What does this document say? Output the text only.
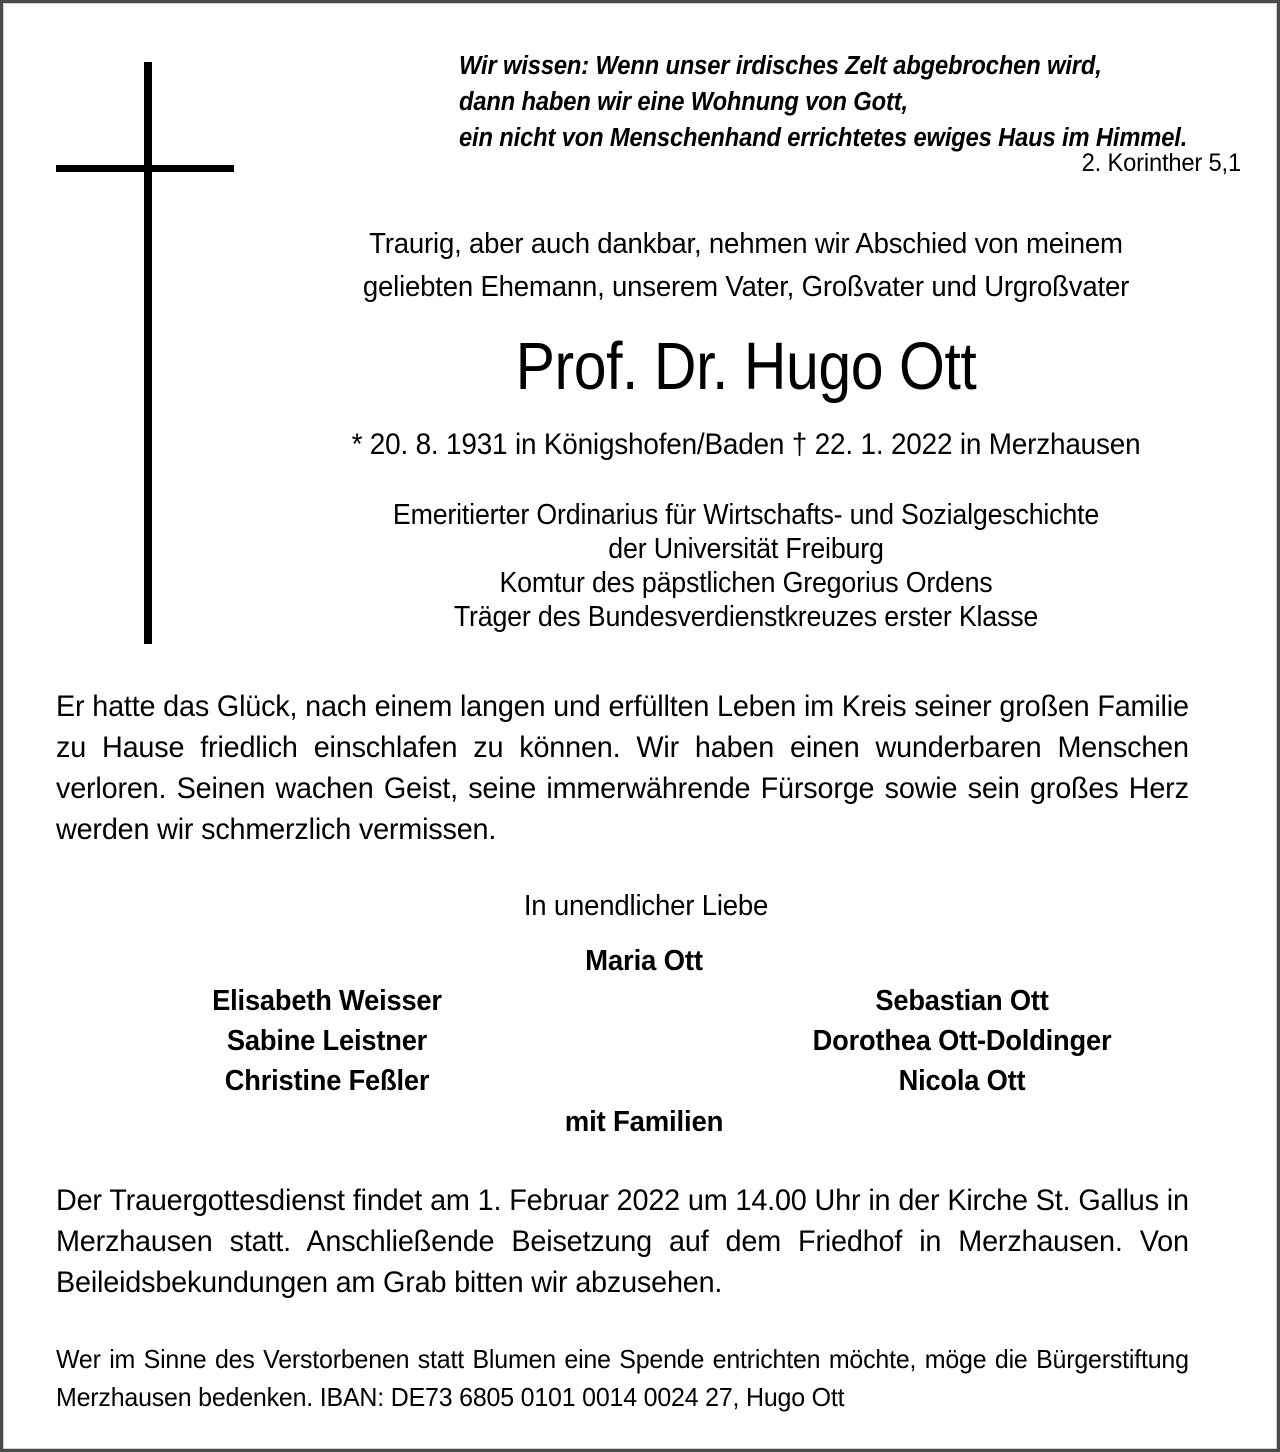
Wir wissen: Wenn unser irdisches Zelt abgebrochen wird,
dann haben wir eine Wohnung von Gott,
ein nicht von Menschenhand errichtetes ewiges Haus im Himmel.
2. Korinther 5,1
Traurig, aber auch dankbar, nehmen wir Abschied von meinem
geliebten Ehemann, unserem Vater, Großvater und Urgroßvater
Prof. Dr. Hugo Ott
* 20. 8. 1931 in Königshofen/Baden † 22. 1. 2022 in Merzhausen
Emeritierter Ordinarius für Wirtschafts- und Sozialgeschichte
der Universität Freiburg
Komtur des päpstlichen Gregorius Ordens
Träger des Bundesverdienstkreuzes erster Klasse
Er hatte das Glück, nach einem langen und erfüllten Leben im Kreis seiner großen Familie zu Hause friedlich einschlafen zu können. Wir haben einen wunderbaren Menschen verloren. Seinen wachen Geist, seine immerwährende Fürsorge sowie sein großes Herz werden wir schmerzlich vermissen.
In unendlicher Liebe
Maria Ott
Elisabeth Weisser
Sabine Leistner
Christine Feßler
Sebastian Ott
Dorothea Ott-Doldinger
Nicola Ott
mit Familien
Der Trauergottesdienst findet am 1. Februar 2022 um 14.00 Uhr in der Kirche St. Gallus in Merzhausen statt. Anschließende Beisetzung auf dem Friedhof in Merzhausen. Von Beileidsbekundungen am Grab bitten wir abzusehen.
Wer im Sinne des Verstorbenen statt Blumen eine Spende entrichten möchte, möge die Bürgerstiftung Merzhausen bedenken. IBAN: DE73 6805 0101 0014 0024 27, Hugo Ott
